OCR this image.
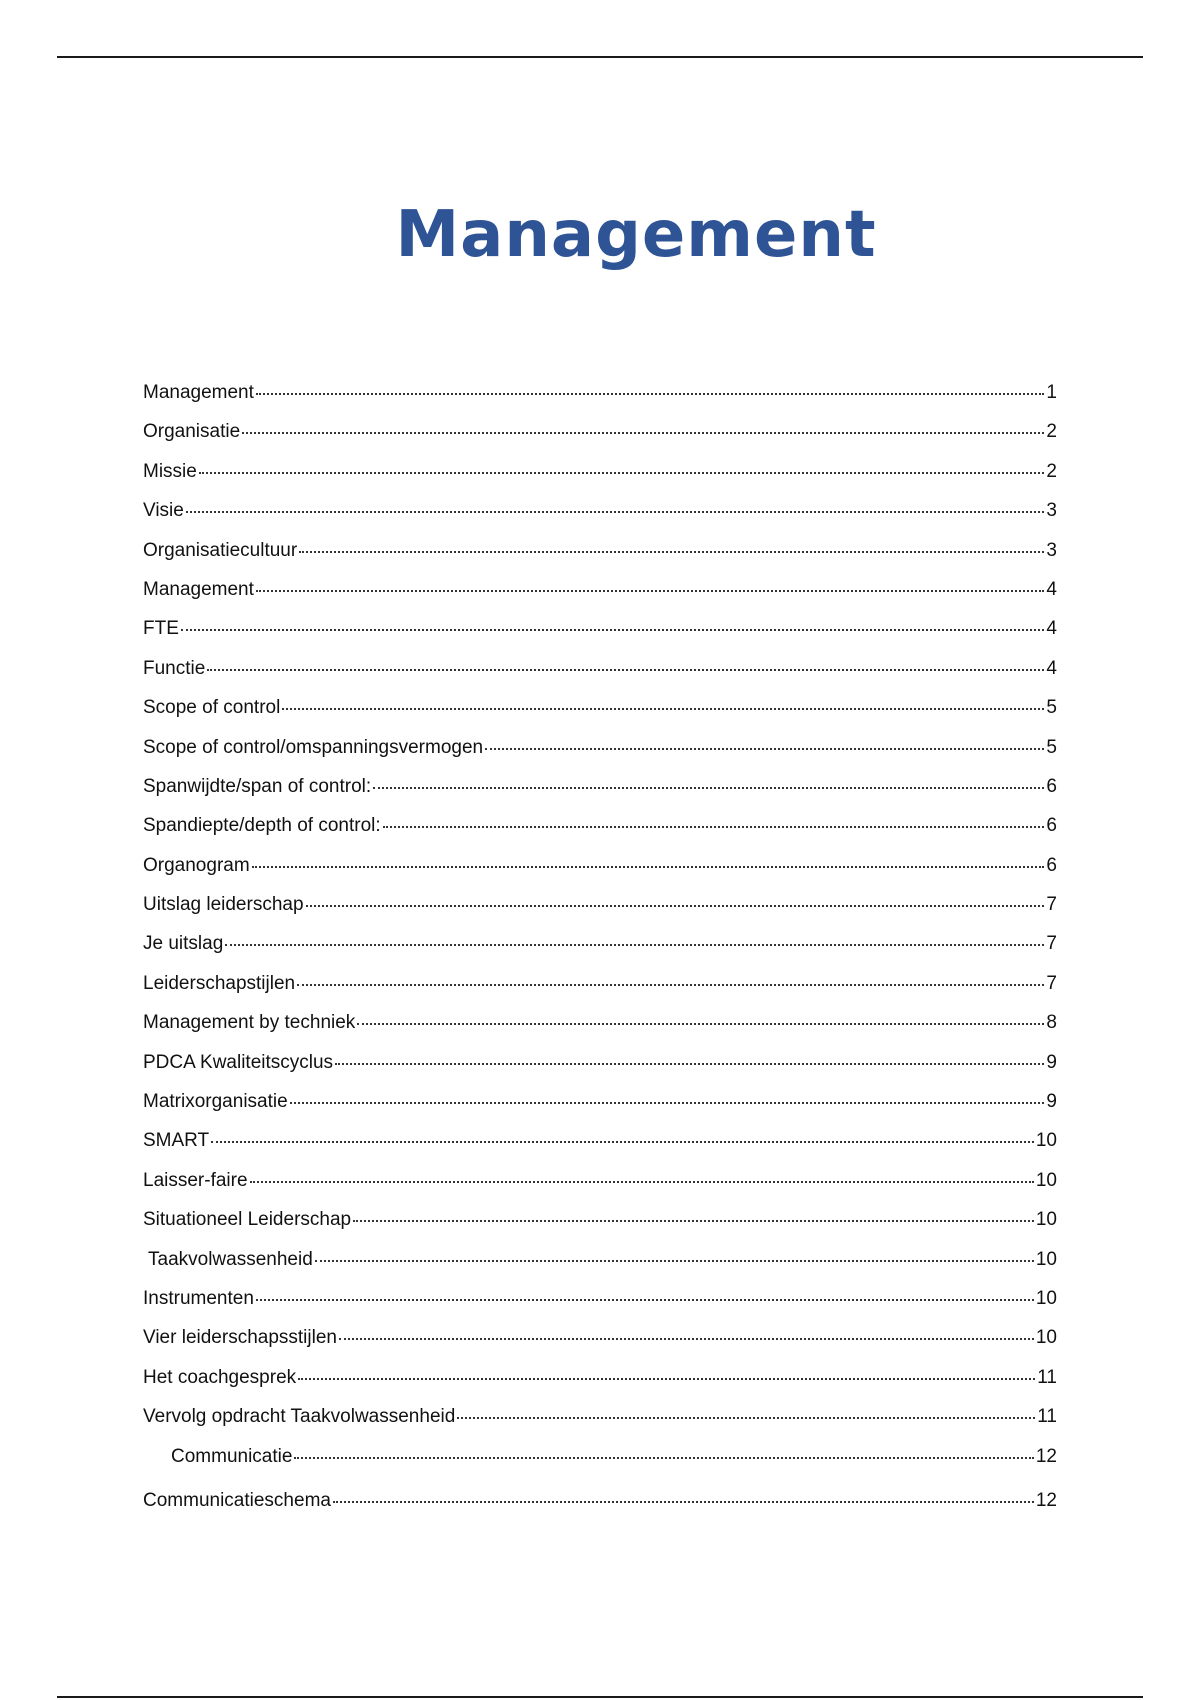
Management
Management	1
Organisatie	2
Missie	2
Visie	3
Organisatiecultuur	3
Management	4
FTE	4
Functie	4
Scope of control	5
Scope of control/omspanningsvermogen	5
Spanwijdte/span of control:	6
Spandiepte/depth of control:	6
Organogram	6
Uitslag leiderschap	7
Je uitslag	7
Leiderschapstijlen	7
Management by techniek	8
PDCA Kwaliteitscyclus	9
Matrixorganisatie	9
SMART	10
Laisser-faire	10
Situationeel Leiderschap	10
Taakvolwassenheid	10
Instrumenten	10
Vier leiderschapsstijlen	10
Het coachgesprek	11
Vervolg opdracht Taakvolwassenheid	11
Communicatie	12
Communicatieschema	12
